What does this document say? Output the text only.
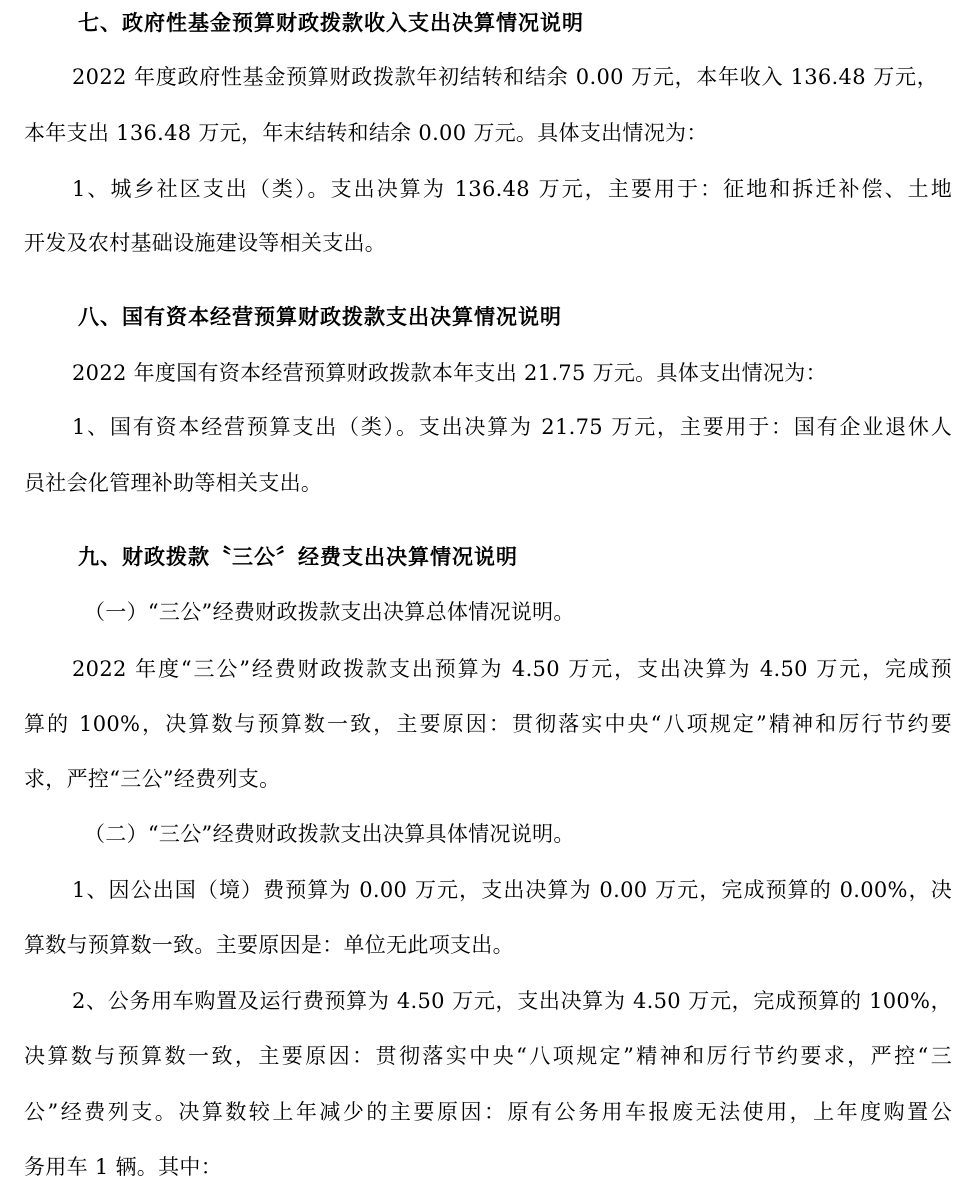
七、政府性基金预算财政拨款收入支出决算情况说明
2022 年度政府性基金预算财政拨款年初结转和结余 0.00 万元，本年收入 136.48 万元，
本年支出 136.48 万元，年末结转和结余 0.00 万元。具体支出情况为：
1、城乡社区支出（类）。支出决算为 136.48 万元，主要用于：征地和拆迁补偿、土地
开发及农村基础设施建设等相关支出。
八、国有资本经营预算财政拨款支出决算情况说明
2022 年度国有资本经营预算财政拨款本年支出 21.75 万元。具体支出情况为：
1、国有资本经营预算支出（类）。支出决算为 21.75 万元，主要用于：国有企业退休人
员社会化管理补助等相关支出。
九、财政拨款〝三公〞经费支出决算情况说明
（一）“三公”经费财政拨款支出决算总体情况说明。
2022 年度“三公”经费财政拨款支出预算为 4.50 万元，支出决算为 4.50 万元，完成预
算的 100%，决算数与预算数一致，主要原因：贯彻落实中央“八项规定”精神和厉行节约要
求，严控“三公”经费列支。
（二）“三公”经费财政拨款支出决算具体情况说明。
1、因公出国（境）费预算为 0.00 万元，支出决算为 0.00 万元，完成预算的 0.00%，决
算数与预算数一致。主要原因是：单位无此项支出。
2、公务用车购置及运行费预算为 4.50 万元，支出决算为 4.50 万元，完成预算的 100%，
决算数与预算数一致，主要原因：贯彻落实中央“八项规定”精神和厉行节约要求，严控“三
公”经费列支。决算数较上年减少的主要原因：原有公务用车报废无法使用，上年度购置公
务用车 1 辆。其中：
